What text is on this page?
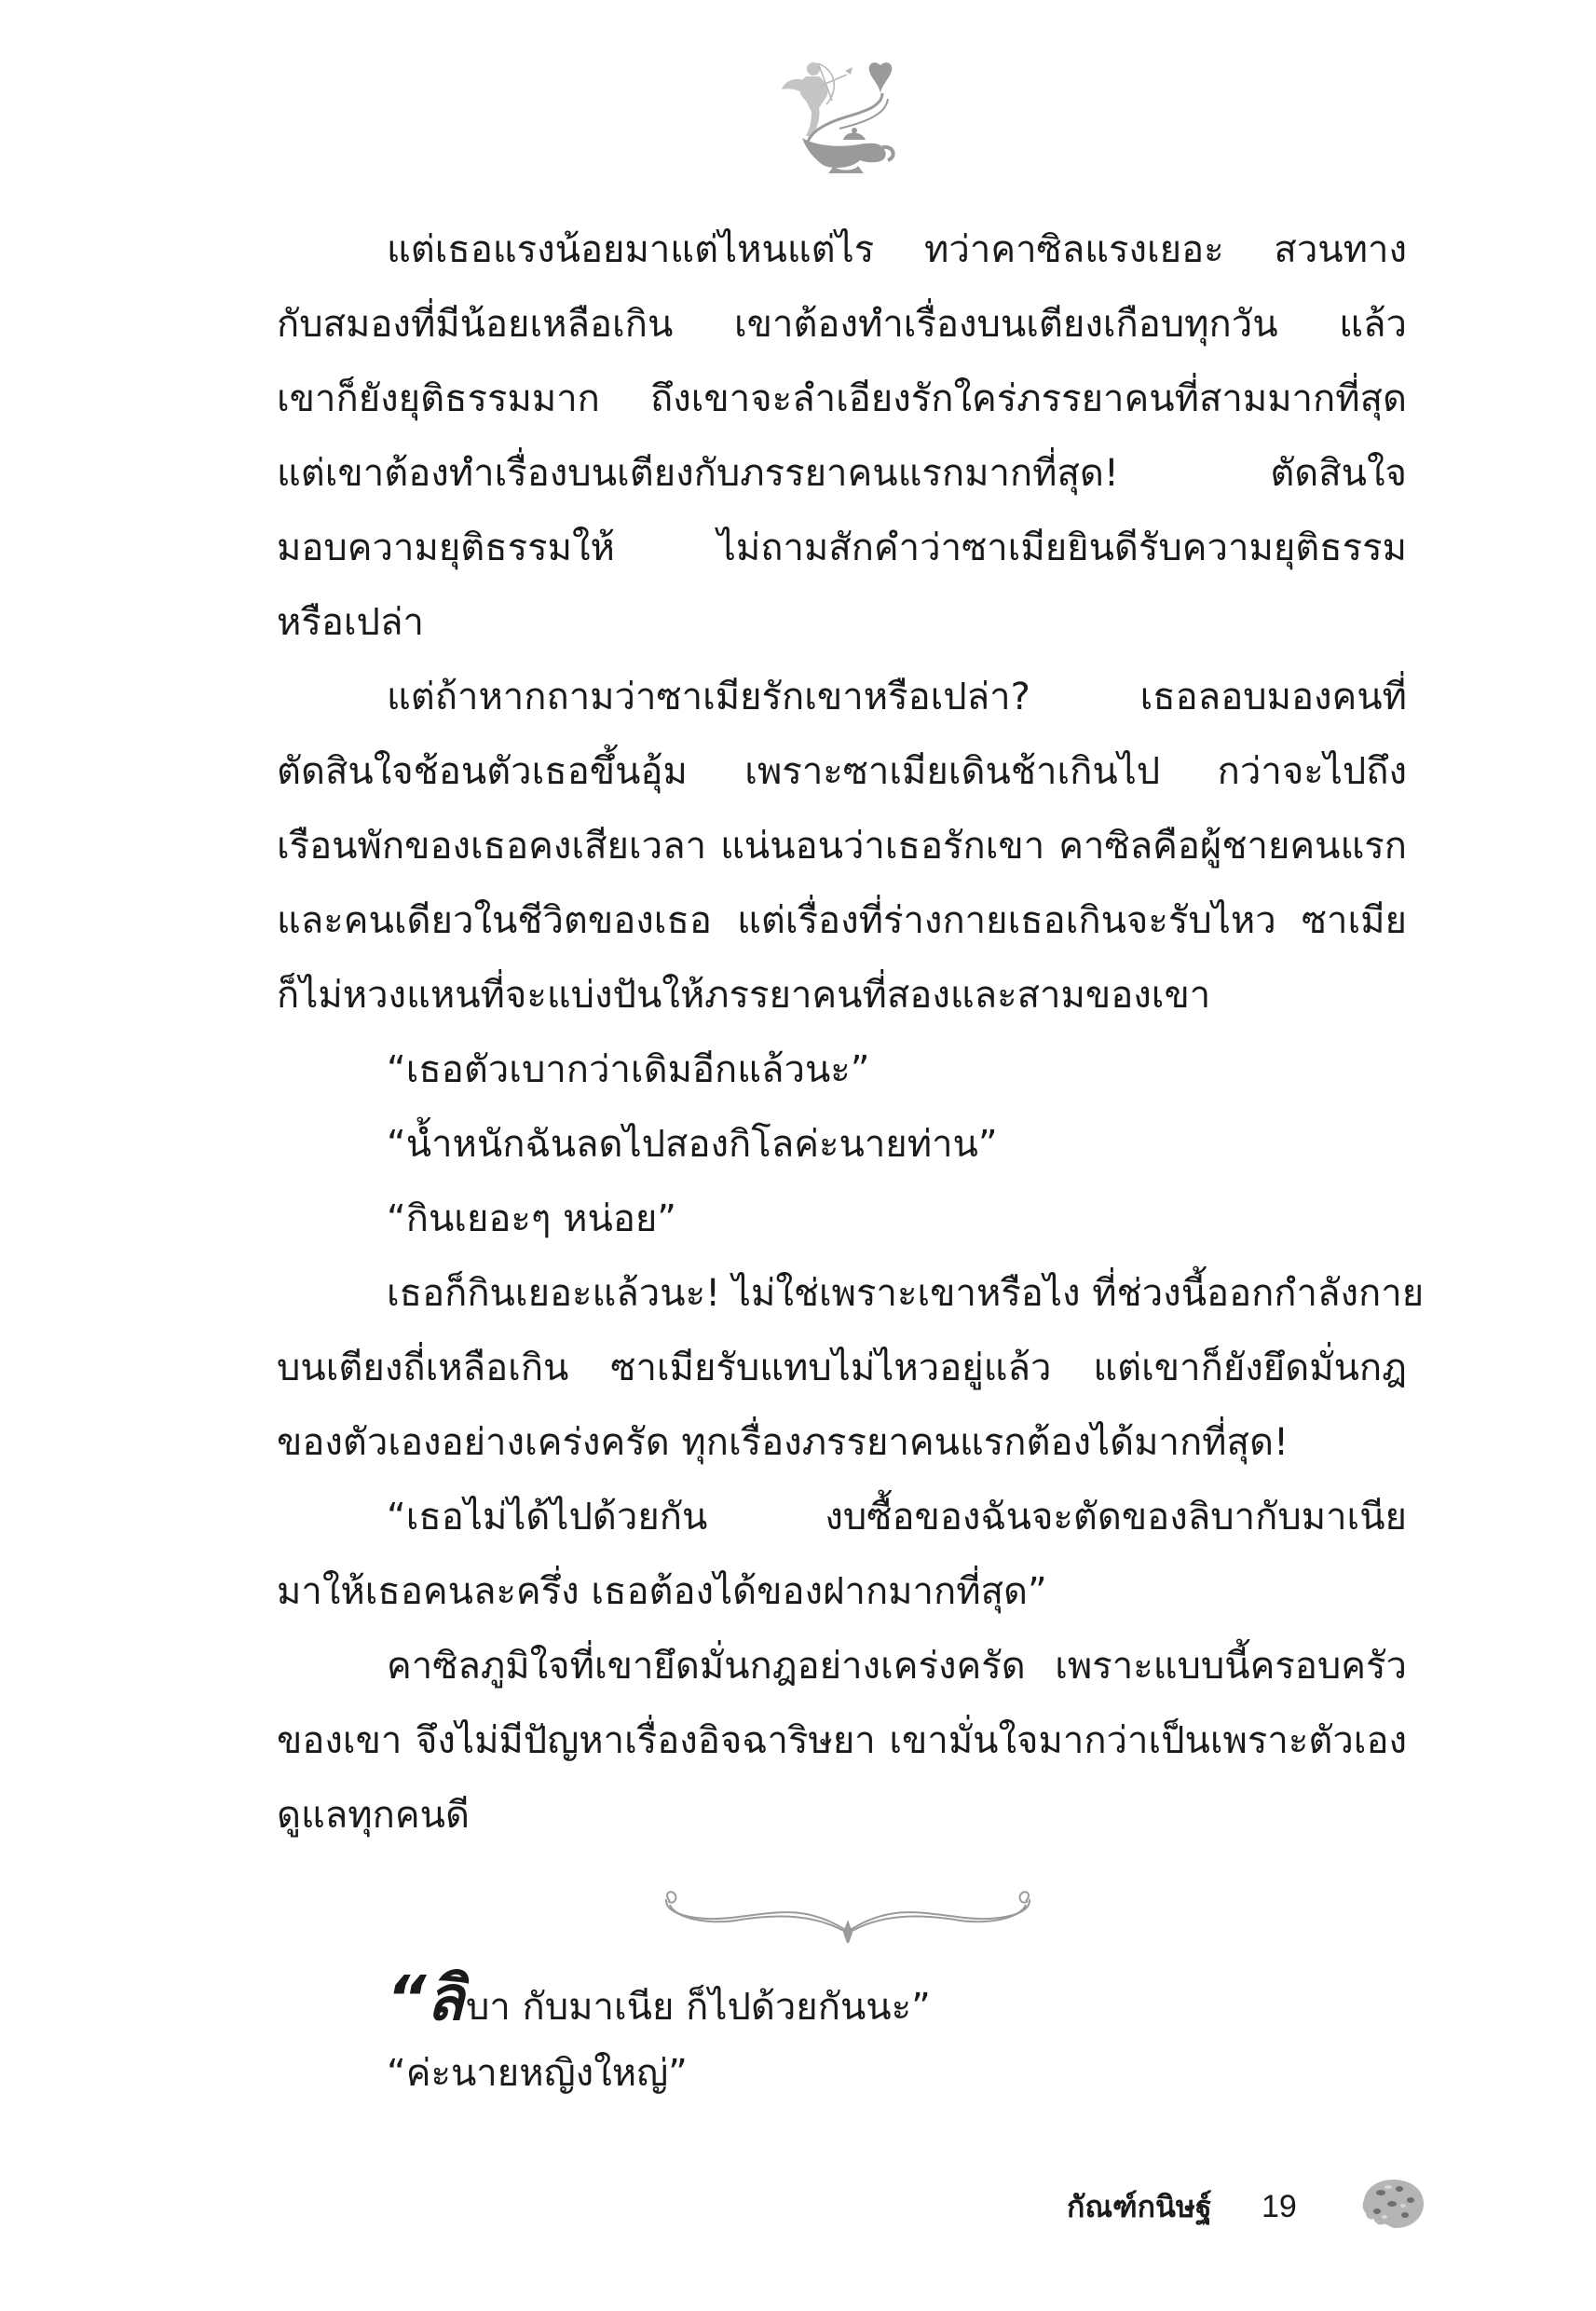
แต่เธอแรงน้อยมาแต่ไหนแต่ไร ทว่าคาซิลแรงเยอะ สวนทาง
กับสมองที่มีน้อยเหลือเกิน เขาต้องทำเรื่องบนเตียงเกือบทุกวัน แล้ว
เขาก็ยังยุติธรรมมาก ถึงเขาจะลำเอียงรักใคร่ภรรยาคนที่สามมากที่สุด
แต่เขาต้องทำเรื่องบนเตียงกับภรรยาคนแรกมากที่สุด! ตัดสินใจ
มอบความยุติธรรมให้ ไม่ถามสักคำว่าซาเมียยินดีรับความยุติธรรม
หรือเปล่า
แต่ถ้าหากถามว่าซาเมียรักเขาหรือเปล่า? เธอลอบมองคนที่
ตัดสินใจช้อนตัวเธอขึ้นอุ้ม เพราะซาเมียเดินช้าเกินไป กว่าจะไปถึง
เรือนพักของเธอคงเสียเวลา แน่นอนว่าเธอรักเขา คาซิลคือผู้ชายคนแรก
และคนเดียวในชีวิตของเธอ แต่เรื่องที่ร่างกายเธอเกินจะรับไหว ซาเมีย
ก็ไม่หวงแหนที่จะแบ่งปันให้ภรรยาคนที่สองและสามของเขา
“เธอตัวเบากว่าเดิมอีกแล้วนะ”
“น้ำหนักฉันลดไปสองกิโลค่ะนายท่าน”
“กินเยอะๆ หน่อย”
เธอก็กินเยอะแล้วนะ! ไม่ใช่เพราะเขาหรือไง ที่ช่วงนี้ออกกำลังกาย
บนเตียงถี่เหลือเกิน ซาเมียรับแทบไม่ไหวอยู่แล้ว แต่เขาก็ยังยึดมั่นกฎ
ของตัวเองอย่างเคร่งครัด ทุกเรื่องภรรยาคนแรกต้องได้มากที่สุด!
“เธอไม่ได้ไปด้วยกัน งบซื้อของฉันจะตัดของลิบากับมาเนีย
มาให้เธอคนละครึ่ง เธอต้องได้ของฝากมากที่สุด”
คาซิลภูมิใจที่เขายึดมั่นกฎอย่างเคร่งครัด เพราะแบบนี้ครอบครัว
ของเขา จึงไม่มีปัญหาเรื่องอิจฉาริษยา เขามั่นใจมากว่าเป็นเพราะตัวเอง
ดูแลทุกคนดี
“ลิบา กับมาเนีย ก็ไปด้วยกันนะ”
“ค่ะนายหญิงใหญ่”
กัณฑ์กนิษฐ์ 19
